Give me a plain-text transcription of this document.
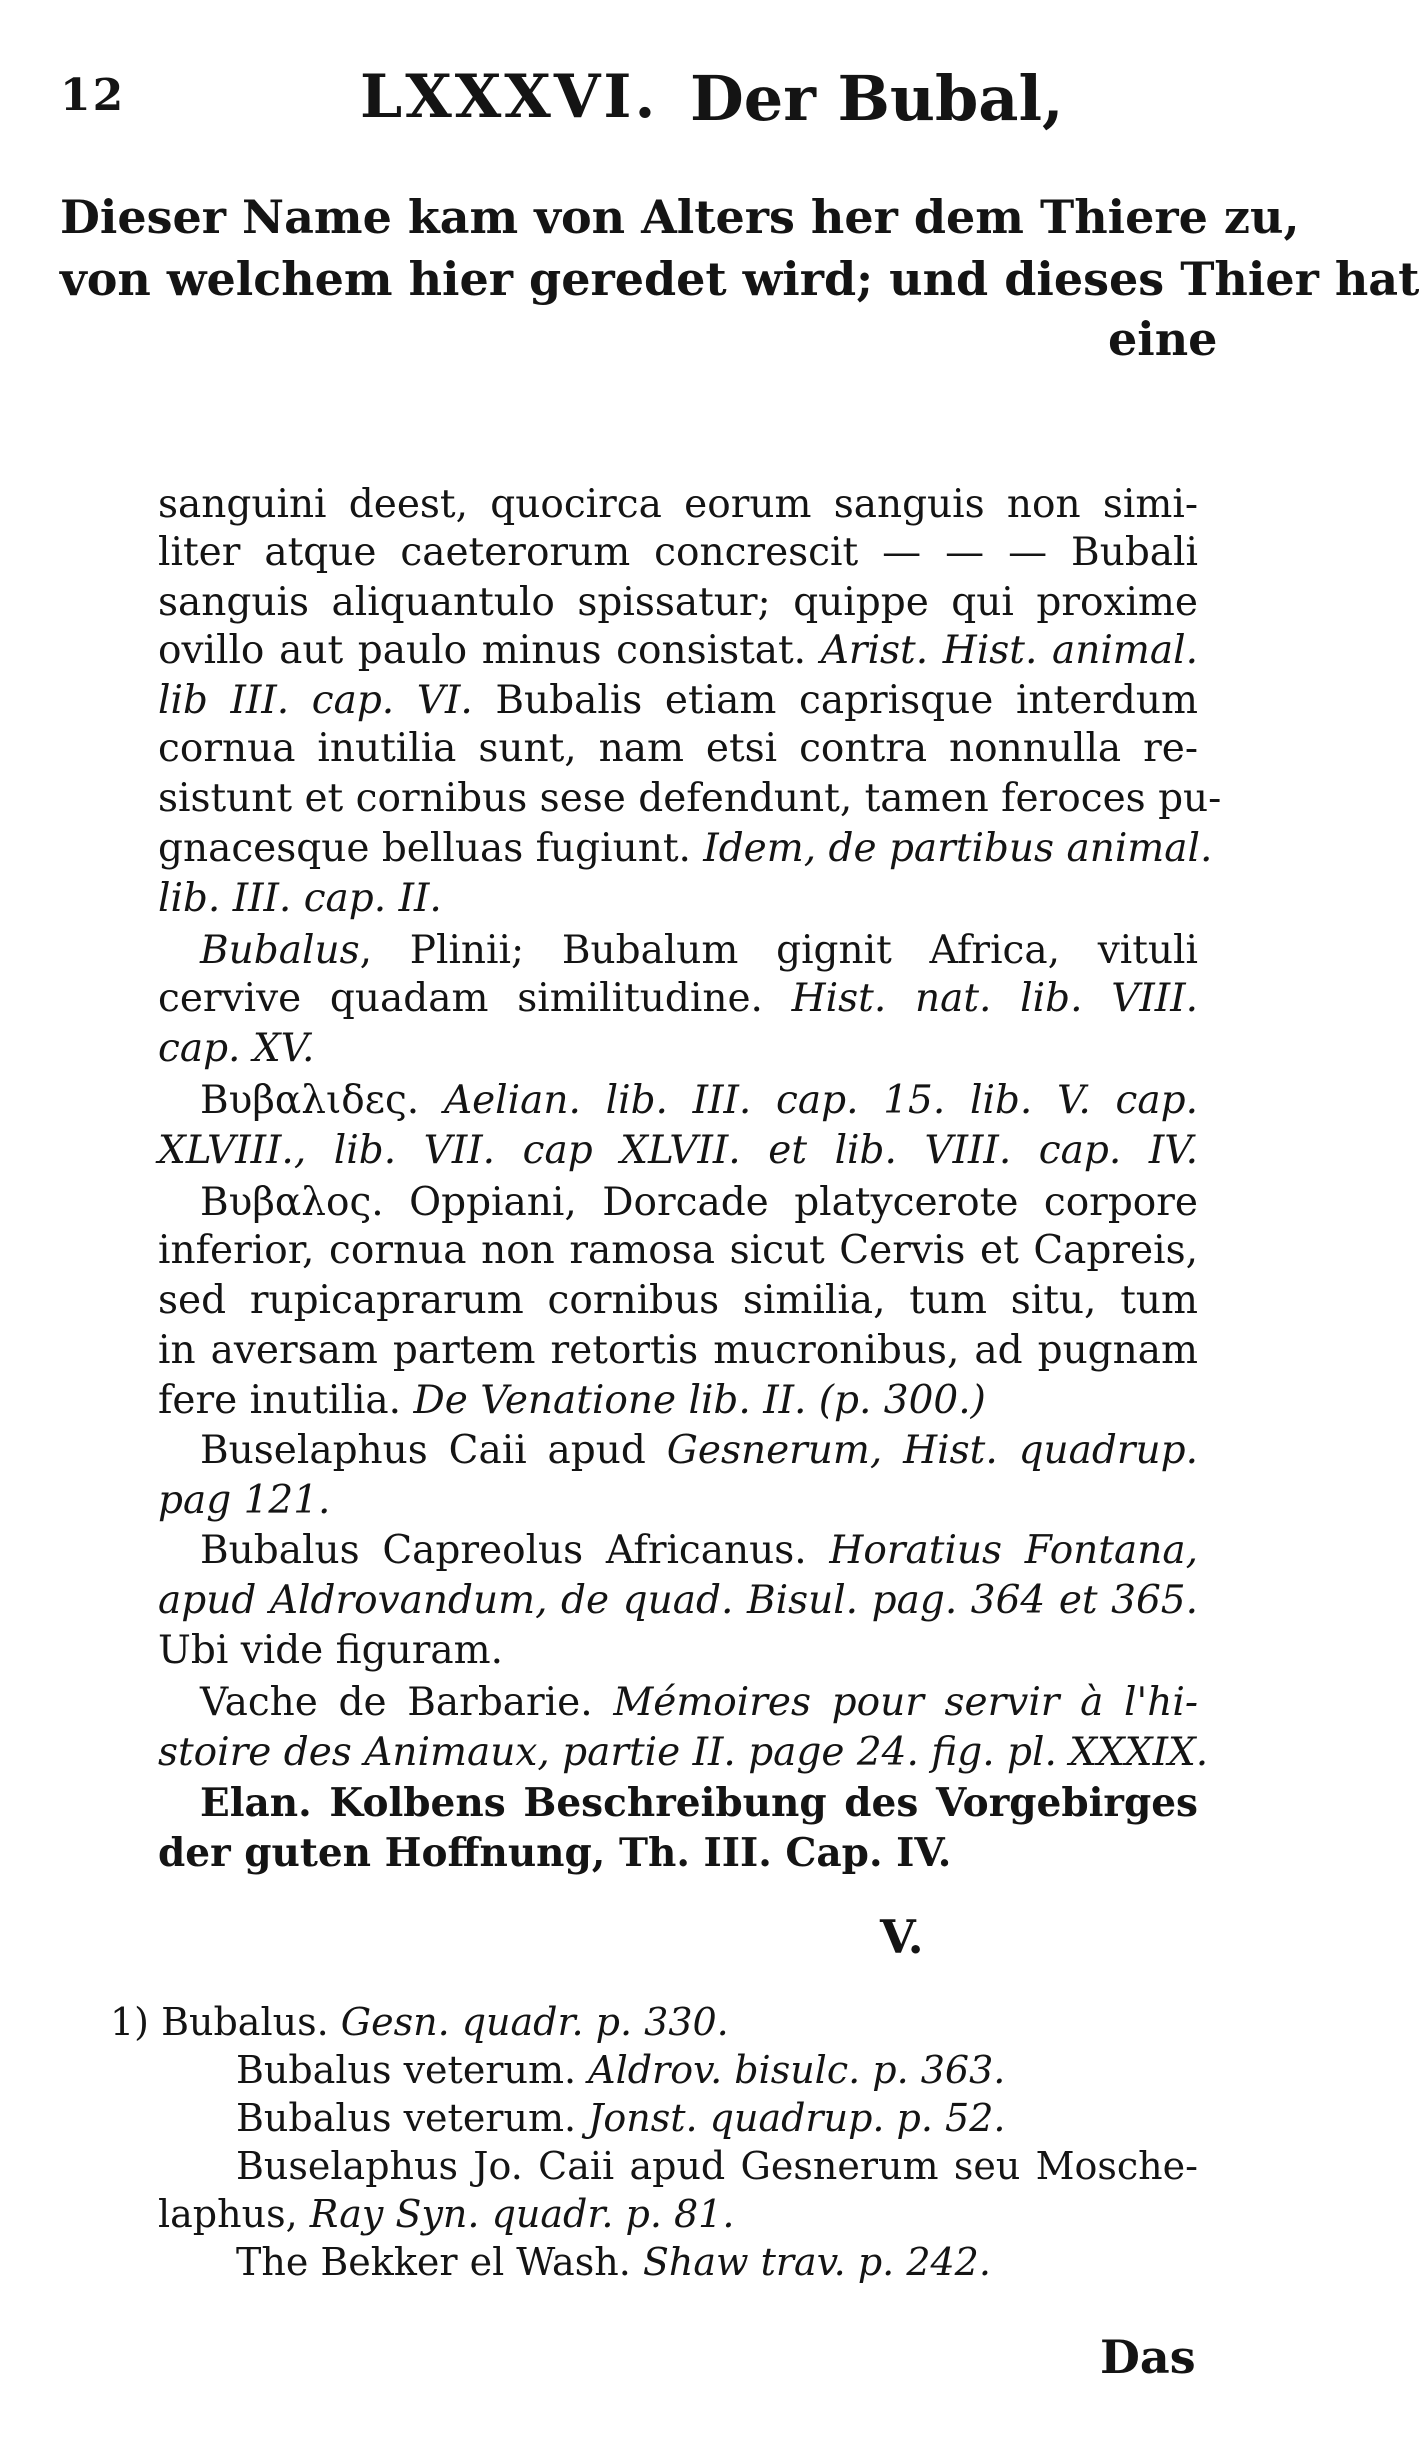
12	LXXXVI. Der Bubal,
Dieser Name kam von Alters her dem Thiere zu,
von welchem hier geredet wird; und dieses Thier hat
eine
sanguini deest, quocirca eorum sanguis non simi-
liter atque caeterorum concrescit — — — Bubali
sanguis aliquantulo spissatur; quippe qui proxime
ovillo aut paulo minus consistat. Arist. Hist. animal.
lib III. cap. VI. Bubalis etiam caprisque interdum
cornua inutilia sunt, nam etsi contra nonnulla re-
sistunt et cornibus sese defendunt, tamen feroces pu-
gnacesque belluas fugiunt. Idem, de partibus animal.
lib. III. cap. II.
Bubalus, Plinii; Bubalum gignit Africa, vituli
cervive quadam similitudine. Hist. nat. lib. VIII.
cap. XV.
Βυβαλιδες. Aelian. lib. III. cap. 15. lib. V. cap.
XLVIII., lib. VII. cap XLVII. et lib. VIII. cap. IV.
Βυβαλος. Oppiani, Dorcade platycerote corpore
inferior, cornua non ramosa sicut Cervis et Capreis,
sed rupicaprarum cornibus similia, tum situ, tum
in aversam partem retortis mucronibus, ad pugnam
fere inutilia. De Venatione lib. II. (p. 300.)
Buselaphus Caii apud Gesnerum, Hist. quadrup.
pag 121.
Bubalus Capreolus Africanus. Horatius Fontana,
apud Aldrovandum, de quad. Bisul. pag. 364 et 365.
Ubi vide figuram.
Vache de Barbarie. Mémoires pour servir à l'hi-
stoire des Animaux, partie II. page 24. fig. pl. XXXIX.
Elan. Kolbens Beschreibung des Vorgebirges
der guten Hoffnung, Th. III. Cap. IV.
V.
1) Bubalus. Gesn. quadr. p. 330.
Bubalus veterum. Aldrov. bisulc. p. 363.
Bubalus veterum. Jonst. quadrup. p. 52.
Buselaphus Jo. Caii apud Gesnerum seu Mosche-
laphus, Ray Syn. quadr. p. 81.
The Bekker el Wash. Shaw trav. p. 242.
Das
